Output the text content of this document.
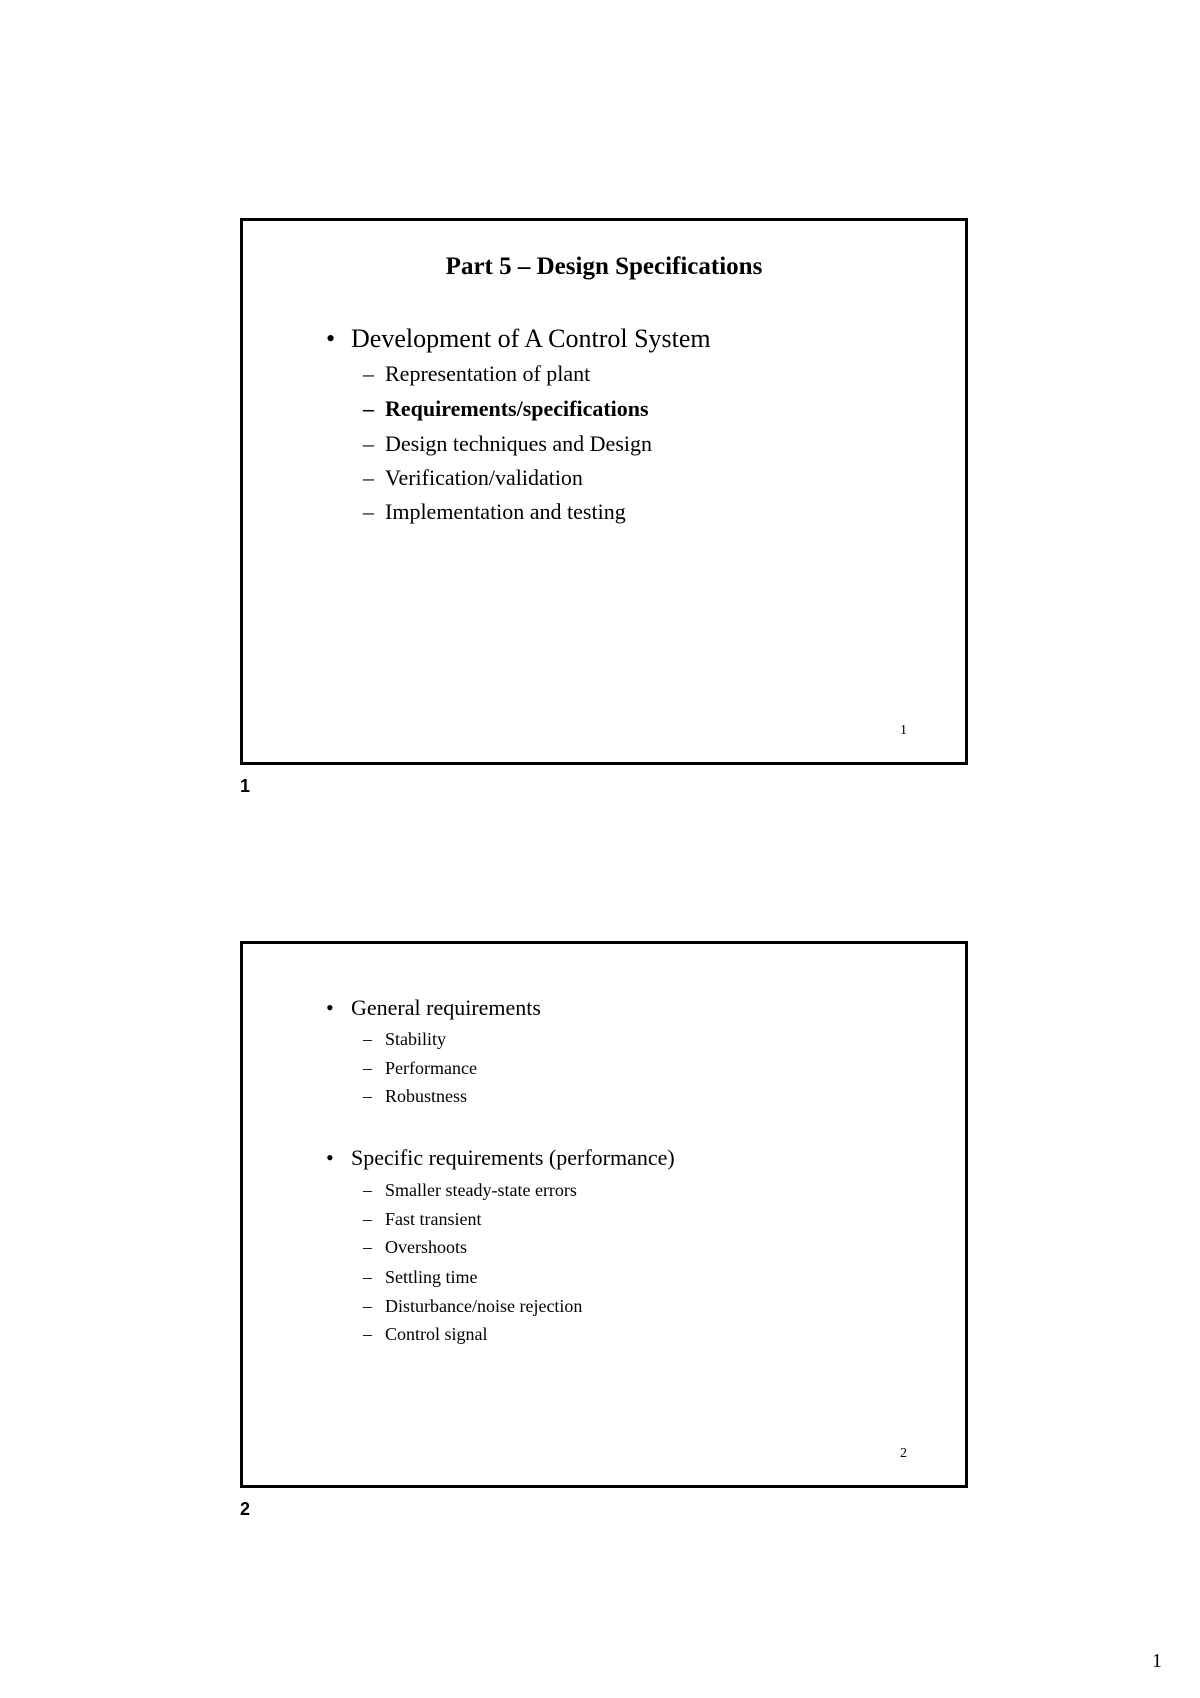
Part 5 – Design Specifications
• Development of A Control System
– Representation of plant
– Requirements/specifications
– Design techniques and Design
– Verification/validation
– Implementation and testing
1
1
• General requirements
– Stability
– Performance
– Robustness
• Specific requirements (performance)
– Smaller steady-state errors
– Fast transient
– Overshoots
– Settling time
– Disturbance/noise rejection
– Control signal
2
2
1
